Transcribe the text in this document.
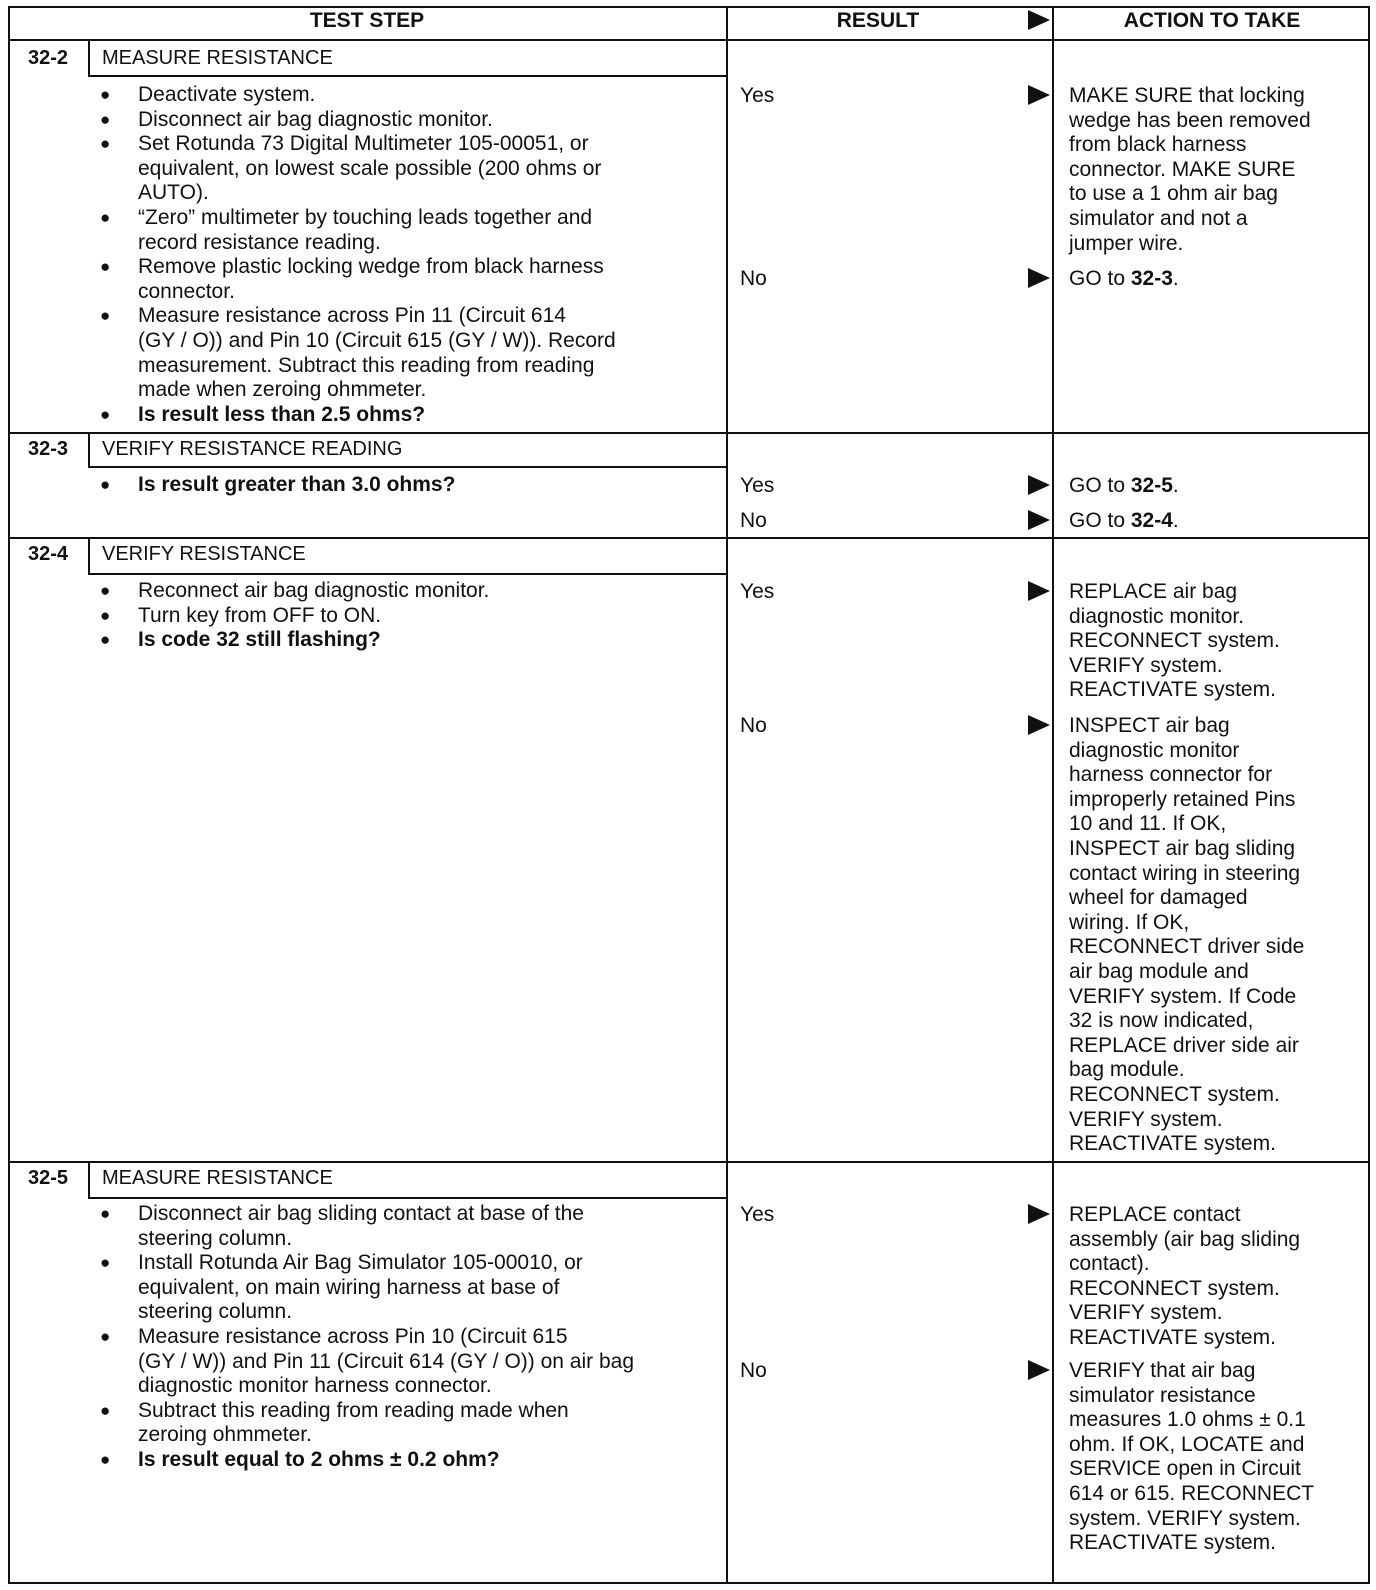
TEST STEP	RESULT	ACTION TO TAKE
32-2	MEASURE RESISTANCE
● Deactivate system.
● Disconnect air bag diagnostic monitor.
● Set Rotunda 73 Digital Multimeter 105-00051, or
equivalent, on lowest scale possible (200 ohms or
AUTO).
● “Zero” multimeter by touching leads together and
record resistance reading.
● Remove plastic locking wedge from black harness
connector.
● Measure resistance across Pin 11 (Circuit 614
(GY / O)) and Pin 10 (Circuit 615 (GY / W)). Record
measurement. Subtract this reading from reading
made when zeroing ohmmeter.
● Is result less than 2.5 ohms?
Yes	MAKE SURE that locking
wedge has been removed
from black harness
connector. MAKE SURE
to use a 1 ohm air bag
simulator and not a
jumper wire.
No	GO to 32-3.
32-3	VERIFY RESISTANCE READING
● Is result greater than 3.0 ohms?	Yes	GO to 32-5.
No	GO to 32-4.
32-4	VERIFY RESISTANCE
● Reconnect air bag diagnostic monitor.
● Turn key from OFF to ON.
● Is code 32 still flashing?
Yes	REPLACE air bag
diagnostic monitor.
RECONNECT system.
VERIFY system.
REACTIVATE system.
No	INSPECT air bag
diagnostic monitor
harness connector for
improperly retained Pins
10 and 11. If OK,
INSPECT air bag sliding
contact wiring in steering
wheel for damaged
wiring. If OK,
RECONNECT driver side
air bag module and
VERIFY system. If Code
32 is now indicated,
REPLACE driver side air
bag module.
RECONNECT system.
VERIFY system.
REACTIVATE system.
32-5	MEASURE RESISTANCE
● Disconnect air bag sliding contact at base of the
steering column.
● Install Rotunda Air Bag Simulator 105-00010, or
equivalent, on main wiring harness at base of
steering column.
● Measure resistance across Pin 10 (Circuit 615
(GY / W)) and Pin 11 (Circuit 614 (GY / O)) on air bag
diagnostic monitor harness connector.
● Subtract this reading from reading made when
zeroing ohmmeter.
● Is result equal to 2 ohms ± 0.2 ohm?
Yes	REPLACE contact
assembly (air bag sliding
contact).
RECONNECT system.
VERIFY system.
REACTIVATE system.
No	VERIFY that air bag
simulator resistance
measures 1.0 ohms ± 0.1
ohm. If OK, LOCATE and
SERVICE open in Circuit
614 or 615. RECONNECT
system. VERIFY system.
REACTIVATE system.
